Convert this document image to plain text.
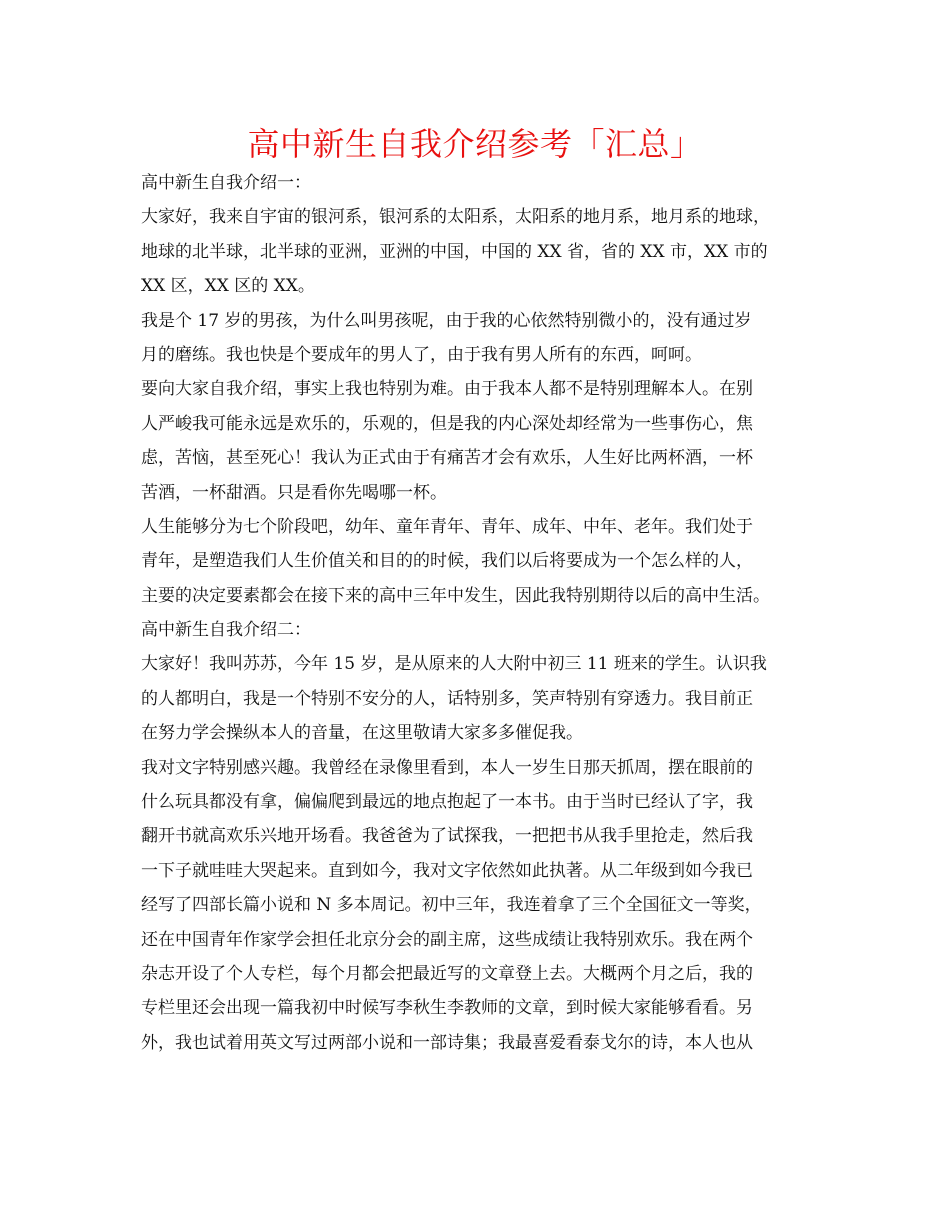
高中新生自我介绍参考「汇总」
高中新生自我介绍一：
大家好，我来自宇宙的银河系，银河系的太阳系，太阳系的地月系，地月系的地球，
地球的北半球，北半球的亚洲，亚洲的中国，中国的 XX 省，省的 XX 市，XX 市的
XX 区，XX 区的 XX。
我是个 17 岁的男孩，为什么叫男孩呢，由于我的心依然特别微小的，没有通过岁
月的磨练。我也快是个要成年的男人了，由于我有男人所有的东西，呵呵。
要向大家自我介绍，事实上我也特别为难。由于我本人都不是特别理解本人。在别
人严峻我可能永远是欢乐的，乐观的，但是我的内心深处却经常为一些事伤心，焦
虑，苦恼，甚至死心！我认为正式由于有痛苦才会有欢乐，人生好比两杯酒，一杯
苦酒，一杯甜酒。只是看你先喝哪一杯。
人生能够分为七个阶段吧，幼年、童年青年、青年、成年、中年、老年。我们处于
青年，是塑造我们人生价值关和目的的时候，我们以后将要成为一个怎么样的人，
主要的决定要素都会在接下来的高中三年中发生，因此我特别期待以后的高中生活。
高中新生自我介绍二：
大家好！我叫苏苏，今年 15 岁，是从原来的人大附中初三 11 班来的学生。认识我
的人都明白，我是一个特别不安分的人，话特别多，笑声特别有穿透力。我目前正
在努力学会操纵本人的音量，在这里敬请大家多多催促我。
我对文字特别感兴趣。我曾经在录像里看到，本人一岁生日那天抓周，摆在眼前的
什么玩具都没有拿，偏偏爬到最远的地点抱起了一本书。由于当时已经认了字，我
翻开书就高欢乐兴地开场看。我爸爸为了试探我，一把把书从我手里抢走，然后我
一下子就哇哇大哭起来。直到如今，我对文字依然如此执著。从二年级到如今我已
经写了四部长篇小说和 N 多本周记。初中三年，我连着拿了三个全国征文一等奖，
还在中国青年作家学会担任北京分会的副主席，这些成绩让我特别欢乐。我在两个
杂志开设了个人专栏，每个月都会把最近写的文章登上去。大概两个月之后，我的
专栏里还会出现一篇我初中时候写李秋生李教师的文章，到时候大家能够看看。另
外，我也试着用英文写过两部小说和一部诗集；我最喜爱看泰戈尔的诗，本人也从
